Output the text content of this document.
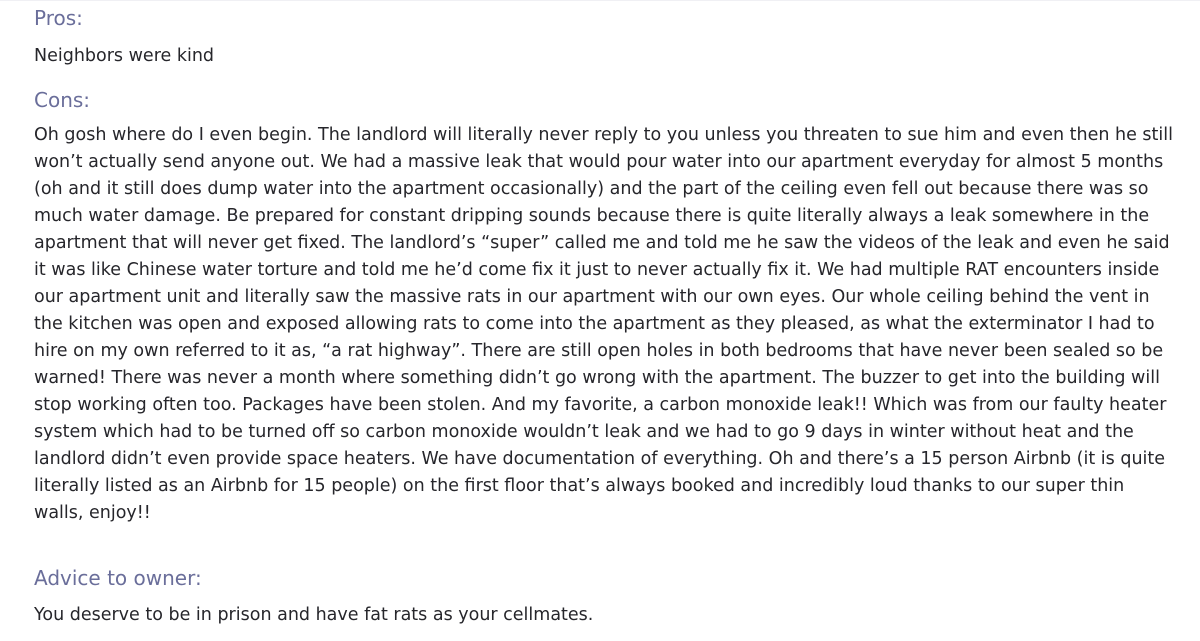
Pros:

Neighbors were kind

Cons:

Oh gosh where do I even begin. The landlord will literally never reply to you unless you threaten to sue him and even then he still won’t actually send anyone out. We had a massive leak that would pour water into our apartment everyday for almost 5 months (oh and it still does dump water into the apartment occasionally) and the part of the ceiling even fell out because there was so much water damage. Be prepared for constant dripping sounds because there is quite literally always a leak somewhere in the apartment that will never get fixed. The landlord’s “super” called me and told me he saw the videos of the leak and even he said it was like Chinese water torture and told me he’d come fix it just to never actually fix it. We had multiple RAT encounters inside our apartment unit and literally saw the massive rats in our apartment with our own eyes. Our whole ceiling behind the vent in the kitchen was open and exposed allowing rats to come into the apartment as they pleased, as what the exterminator I had to hire on my own referred to it as, “a rat highway”. There are still open holes in both bedrooms that have never been sealed so be warned! There was never a month where something didn’t go wrong with the apartment. The buzzer to get into the building will stop working often too. Packages have been stolen. And my favorite, a carbon monoxide leak!! Which was from our faulty heater system which had to be turned off so carbon monoxide wouldn’t leak and we had to go 9 days in winter without heat and the landlord didn’t even provide space heaters. We have documentation of everything. Oh and there’s a 15 person Airbnb (it is quite literally listed as an Airbnb for 15 people) on the first floor that’s always booked and incredibly loud thanks to our super thin walls, enjoy!!

Advice to owner:

You deserve to be in prison and have fat rats as your cellmates.
